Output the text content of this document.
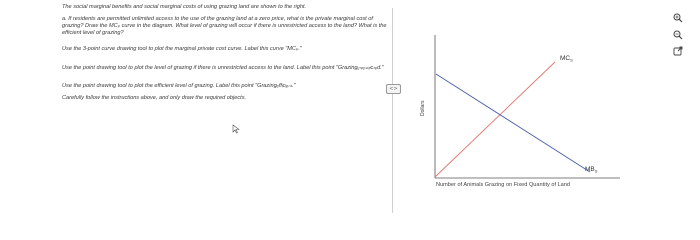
The social marginal benefits and social marginal costs of using grazing land are shown to the right.

a. If residents are permitted unlimited access to the use of the grazing land at a zero price, what is the private marginal cost of grazing? Draw the MCₚ curve in the diagram. What level of grazing will occur if there is unrestricted access to the land? What is the efficient level of grazing?

Use the 3-point curve drawing tool to plot the marginal private cost curve. Label this curve "MCₚ."

Use the point drawing tool to plot the level of grazing if there is unrestricted access to the land. Label this point "Grazingᵤₙᵣₑₛₜᵣᵢcₜₑd."

Use the point drawing tool to plot the efficient level of grazing. Label this point "Grazingₑffᵢcᵢₑₙₜ."

Carefully follow the instructions above, and only draw the required objects.

<>
Dollars
$MC_S$
$MB_S$
Number of Animals Grazing on Fixed Quantity of Land
